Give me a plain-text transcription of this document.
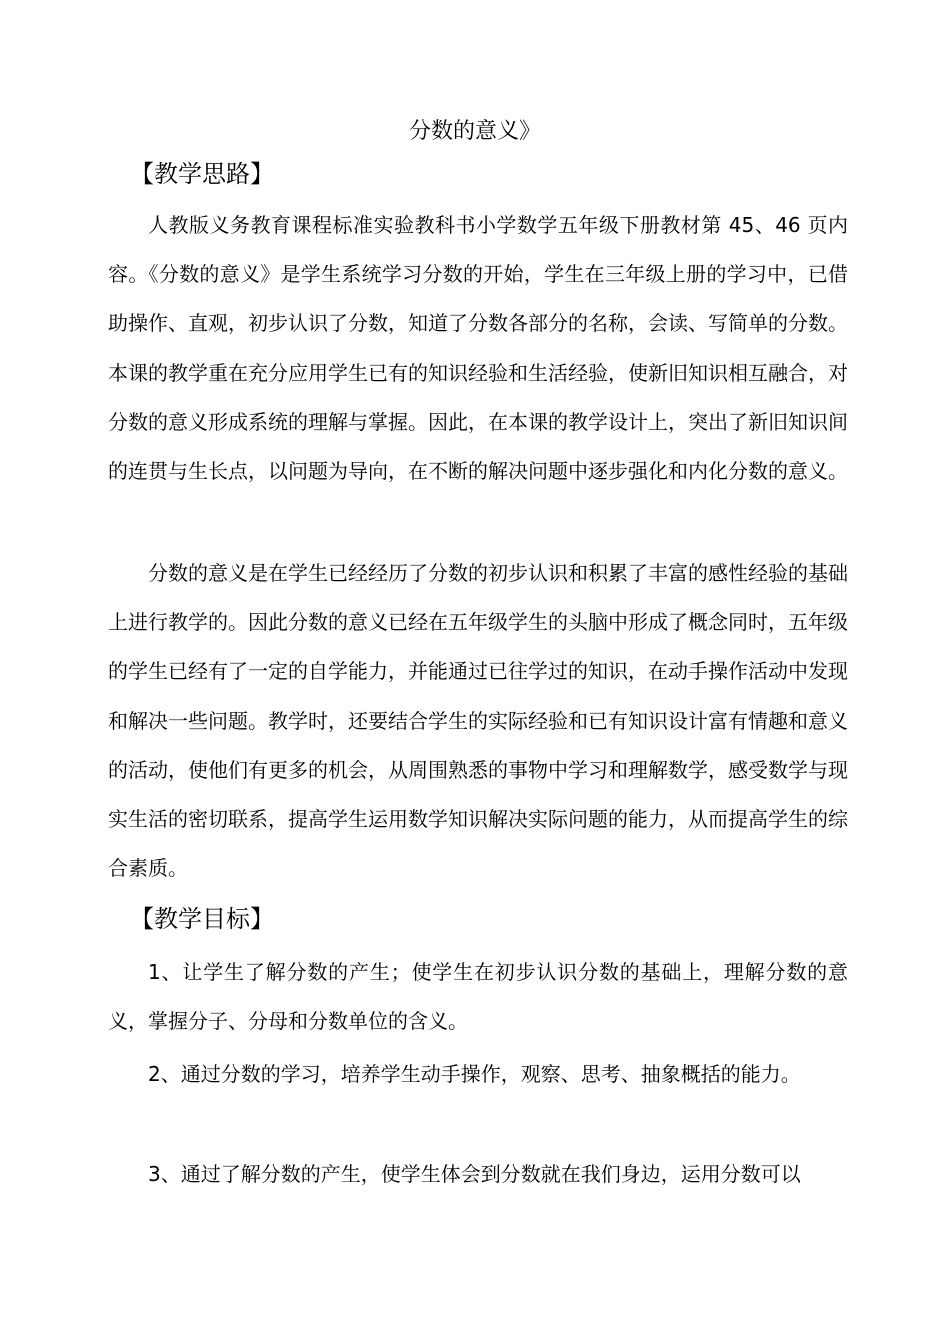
分数的意义》
【教学思路】

人教版义务教育课程标准实验教科书小学数学五年级下册教材第 45、46 页内容。《分数的意义》是学生系统学习分数的开始，学生在三年级上册的学习中，已借助操作、直观，初步认识了分数，知道了分数各部分的名称，会读、写简单的分数。本课的教学重在充分应用学生已有的知识经验和生活经验，使新旧知识相互融合，对分数的意义形成系统的理解与掌握。因此，在本课的教学设计上，突出了新旧知识间的连贯与生长点，以问题为导向，在不断的解决问题中逐步强化和内化分数的意义。

分数的意义是在学生已经经历了分数的初步认识和积累了丰富的感性经验的基础上进行教学的。因此分数的意义已经在五年级学生的头脑中形成了概念同时，五年级的学生已经有了一定的自学能力，并能通过已往学过的知识，在动手操作活动中发现和解决一些问题。教学时，还要结合学生的实际经验和已有知识设计富有情趣和意义的活动，使他们有更多的机会，从周围熟悉的事物中学习和理解数学，感受数学与现实生活的密切联系，提高学生运用数学知识解决实际问题的能力，从而提高学生的综合素质。

【教学目标】

1、让学生了解分数的产生；使学生在初步认识分数的基础上，理解分数的意义，掌握分子、分母和分数单位的含义。

2、通过分数的学习，培养学生动手操作，观察、思考、抽象概括的能力。

3、通过了解分数的产生，使学生体会到分数就在我们身边，运用分数可以
